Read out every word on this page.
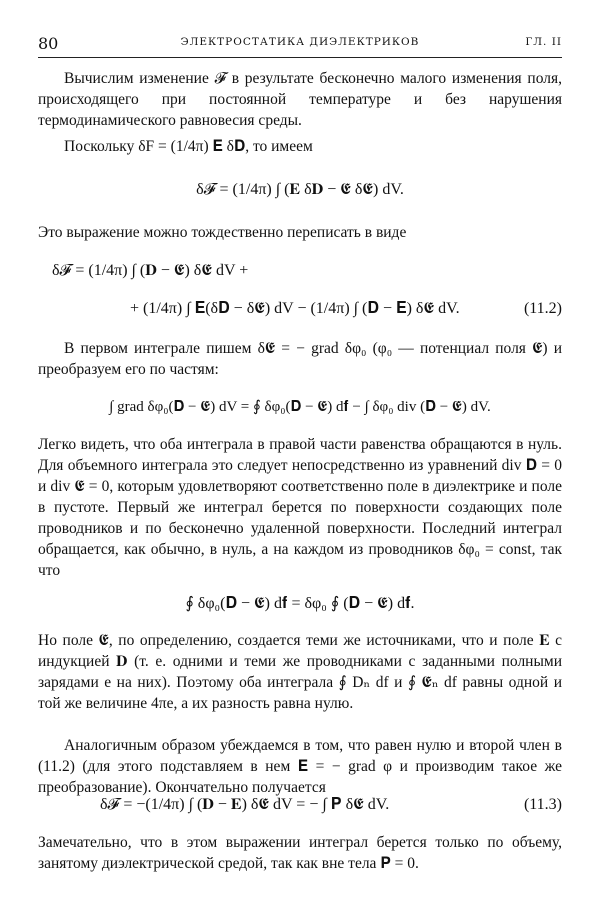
80	ЭЛЕКТРОСТАТИКА ДИЭЛЕКТРИКОВ	ГЛ. II
Вычислим изменение 𝓕 в результате бесконечно малого изменения поля, происходящего при постоянной температуре и без нарушения термодинамического равновесия среды.
Поскольку δF = (1/4π) 𝐄 δ𝐃, то имеем
δ𝓕 = (1/4π) ∫ (𝐄 δ𝐃 − 𝕰 δ𝕰) dV.
Это выражение можно тождественно переписать в виде
δ𝓕 = (1/4π) ∫ (𝐃 − 𝕰) δ𝕰 dV +
+ (1/4π) ∫ 𝐄(δ𝐃 − δ𝕰) dV − (1/4π) ∫ (𝐃 − 𝐄) δ𝕰 dV.	(11.2)
В первом интеграле пишем δ𝕰 = − grad δφ₀ (φ₀ — потенциал поля 𝕰) и преобразуем его по частям:
∫ grad δφ₀(𝐃 − 𝕰) dV = ∮ δφ₀(𝐃 − 𝕰) d𝐟 − ∫ δφ₀ div (𝐃 − 𝕰) dV.
Легко видеть, что оба интеграла в правой части равенства обращаются в нуль. Для объемного интеграла это следует непосредственно из уравнений div 𝐃 = 0 и div 𝕰 = 0, которым удовлетворяют соответственно поле в диэлектрике и поле в пустоте. Первый же интеграл берется по поверхности создающих поле проводников и по бесконечно удаленной поверхности. Последний интеграл обращается, как обычно, в нуль, а на каждом из проводников δφ₀ = const, так что
∮ δφ₀(𝐃 − 𝕰) d𝐟 = δφ₀ ∮ (𝐃 − 𝕰) d𝐟.
Но поле 𝕰, по определению, создается теми же источниками, что и поле 𝐄 с индукцией 𝐃 (т. е. одними и теми же проводниками с заданными полными зарядами e на них). Поэтому оба интеграла ∮ Dₙ df и ∮ 𝕰ₙ df равны одной и той же величине 4πe, а их разность равна нулю.
Аналогичным образом убеждаемся в том, что равен нулю и второй член в (11.2) (для этого подставляем в нем 𝐄 = − grad φ и производим такое же преобразование). Окончательно получается
δ𝓕 = −(1/4π) ∫ (𝐃 − 𝐄) δ𝕰 dV = − ∫ 𝐏 δ𝕰 dV.	(11.3)
Замечательно, что в этом выражении интеграл берется только по объему, занятому диэлектрической средой, так как вне тела 𝐏 = 0.
